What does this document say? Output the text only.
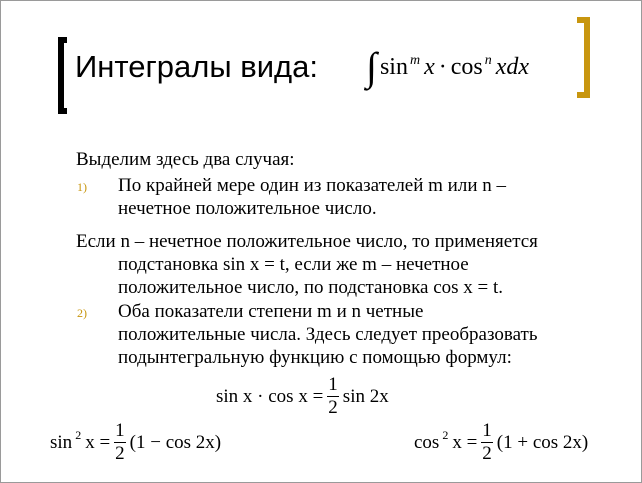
Интегралы вида: ∫ sin $^m$ x · cos $^n$ xdx
Выделим здесь два случая:
1) По крайней мере один из показателей m или n –
нечетное положительное число.
Если n – нечетное положительное число, то применяется
подстановка sin x = t, если же m – нечетное
положительное число, по подстановка cos x = t.
2) Оба показатели степени m и n четные
положительные числа. Здесь следует преобразовать
подынтегральную функцию с помощью формул:
$\sin x \cdot \cos x = \frac{1}{2}$ sin 2x
sin 2 $x = \frac{1}{2} (1 - \cos 2x)$	cos 2 $x = \frac{1}{2} (1 + \cos 2x)$
